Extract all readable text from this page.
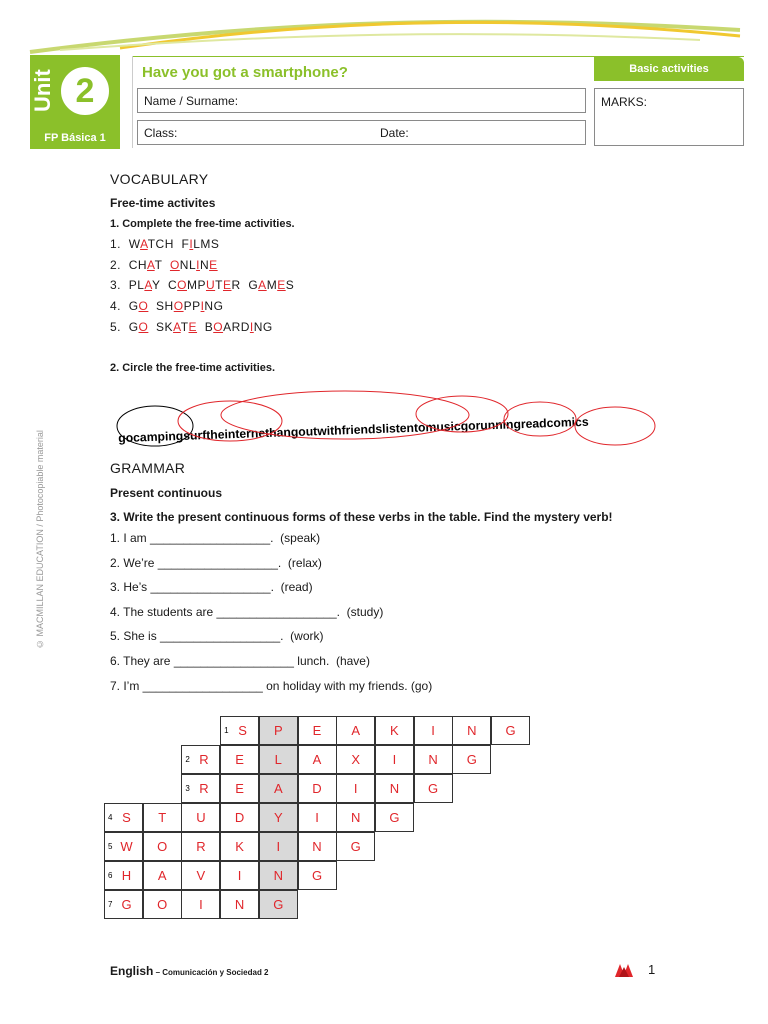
Unit 2
FP Básica 1
Have you got a smartphone?	Basic activities
Name / Surname:
Class:	Date:
MARKS:
© MACMILLAN EDUCATION / Photocopiable material
VOCABULARY
Free-time activites
1. Complete the free-time activities.
1.  WATCH  FILMS
2.  CHAT  ONLINE
3.  PLAY  COMPUTER  GAMES
4.  GO  SHOPPING
5.  GO  SKATE  BOARDING
2. Circle the free-time activities.
gocampingsurftheinternethangoutwithfriendslistentomusicgorunningreadcomics
GRAMMAR
Present continuous
3. Write the present continuous forms of these verbs in the table. Find the mystery verb!
1. I am __________________.  (speak)
2. We’re __________________.  (relax)
3. He’s __________________.  (read)
4. The students are __________________.  (study)
5. She is __________________.  (work)
6. They are __________________ lunch.  (have)
7. I’m __________________ on holiday with my friends. (go)
1 S	P	E	A	K	I	N	G
2 R	E	L	A	X	I	N	G
3 R	E	A	D	I	N	G
4 S	T	U	D	Y	I	N	G
5 W	O	R	K	I	N	G
6 H	A	V	I	N	G
7 G	O	I	N	G
English – Comunicación y Sociedad 2	1
